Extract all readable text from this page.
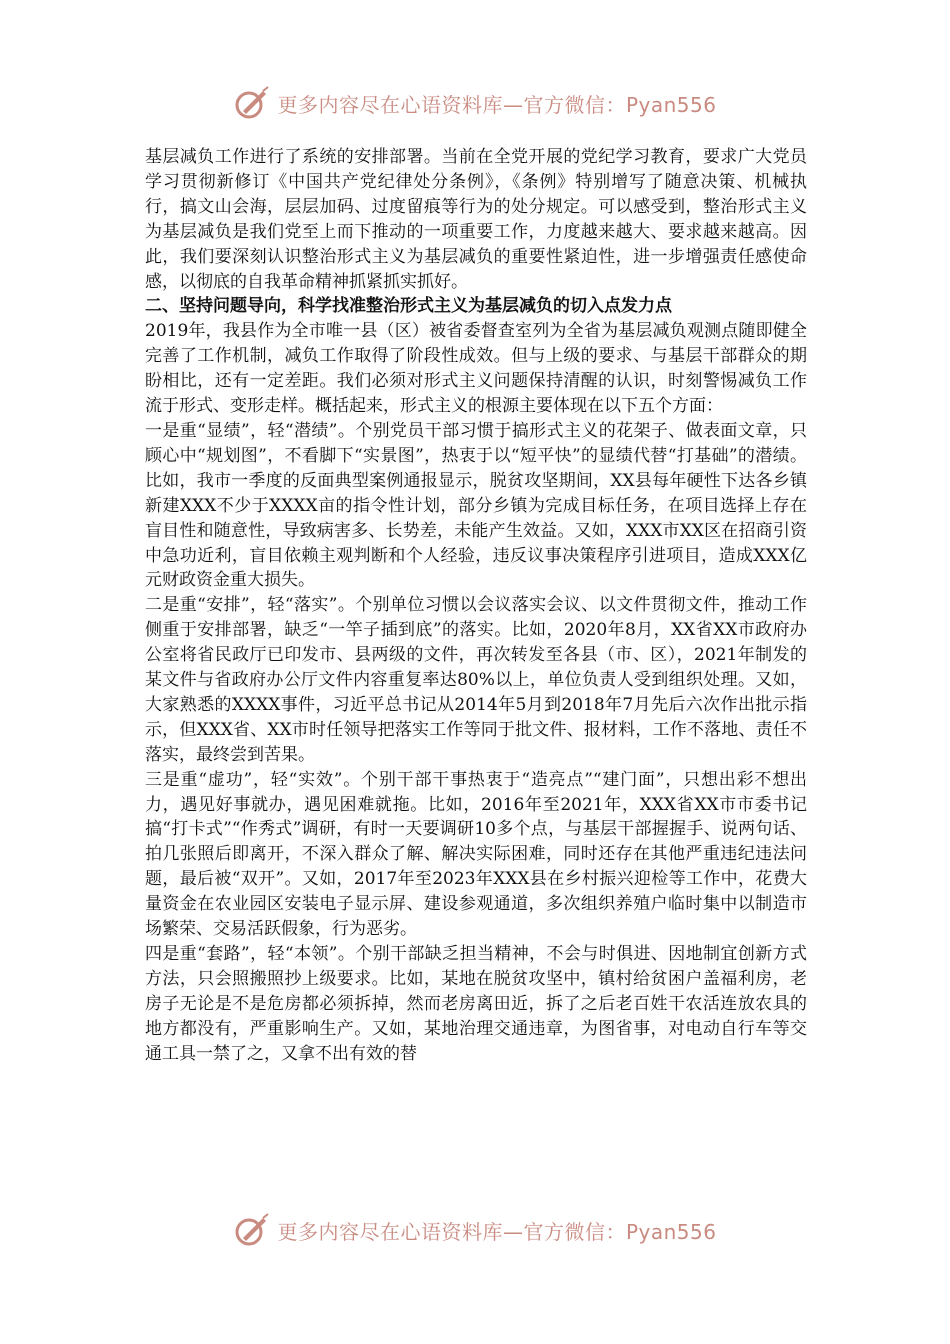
更多内容尽在心语资料库—官方微信：Pyan556

基层减负工作进行了系统的安排部署。当前在全党开展的党纪学习教育，要求广大党员学习贯彻新修订《中国共产党纪律处分条例》，《条例》特别增写了随意决策、机械执行，搞文山会海，层层加码、过度留痕等行为的处分规定。可以感受到，整治形式主义为基层减负是我们党至上而下推动的一项重要工作，力度越来越大、要求越来越高。因此，我们要深刻认识整治形式主义为基层减负的重要性紧迫性，进一步增强责任感使命感，以彻底的自我革命精神抓紧抓实抓好。

二、坚持问题导向，科学找准整治形式主义为基层减负的切入点发力点

2019年，我县作为全市唯一县（区）被省委督查室列为全省为基层减负观测点随即健全完善了工作机制，减负工作取得了阶段性成效。但与上级的要求、与基层干部群众的期盼相比，还有一定差距。我们必须对形式主义问题保持清醒的认识，时刻警惕减负工作流于形式、变形走样。概括起来，形式主义的根源主要体现在以下五个方面：

一是重“显绩”，轻“潜绩”。个别党员干部习惯于搞形式主义的花架子、做表面文章，只顾心中“规划图”，不看脚下“实景图”，热衷于以“短平快”的显绩代替“打基础”的潜绩。比如，我市一季度的反面典型案例通报显示，脱贫攻坚期间，XX县每年硬性下达各乡镇新建XXX不少于XXXX亩的指令性计划，部分乡镇为完成目标任务，在项目选择上存在盲目性和随意性，导致病害多、长势差，未能产生效益。又如，XXX市XX区在招商引资中急功近利，盲目依赖主观判断和个人经验，违反议事决策程序引进项目，造成XXX亿元财政资金重大损失。

二是重“安排”，轻“落实”。个别单位习惯以会议落实会议、以文件贯彻文件，推动工作侧重于安排部署，缺乏“一竿子插到底”的落实。比如，2020年8月，XX省XX市政府办公室将省民政厅已印发市、县两级的文件，再次转发至各县（市、区），2021年制发的某文件与省政府办公厅文件内容重复率达80%以上，单位负责人受到组织处理。又如，大家熟悉的XXXX事件，习近平总书记从2014年5月到2018年7月先后六次作出批示指示，但XXX省、XX市时任领导把落实工作等同于批文件、报材料，工作不落地、责任不落实，最终尝到苦果。

三是重“虚功”，轻“实效”。个别干部干事热衷于“造亮点”“建门面”，只想出彩不想出力，遇见好事就办，遇见困难就拖。比如，2016年至2021年，XXX省XX市市委书记搞“打卡式”“作秀式”调研，有时一天要调研10多个点，与基层干部握握手、说两句话、拍几张照后即离开，不深入群众了解、解决实际困难，同时还存在其他严重违纪违法问题，最后被“双开”。又如，2017年至2023年XXX县在乡村振兴迎检等工作中，花费大量资金在农业园区安装电子显示屏、建设参观通道，多次组织养殖户临时集中以制造市场繁荣、交易活跃假象，行为恶劣。

四是重“套路”，轻“本领”。个别干部缺乏担当精神，不会与时俱进、因地制宜创新方式方法，只会照搬照抄上级要求。比如，某地在脱贫攻坚中，镇村给贫困户盖福利房，老房子无论是不是危房都必须拆掉，然而老房离田近，拆了之后老百姓干农活连放农具的地方都没有，严重影响生产。又如，某地治理交通违章，为图省事，对电动自行车等交通工具一禁了之，又拿不出有效的替

更多内容尽在心语资料库—官方微信：Pyan556
